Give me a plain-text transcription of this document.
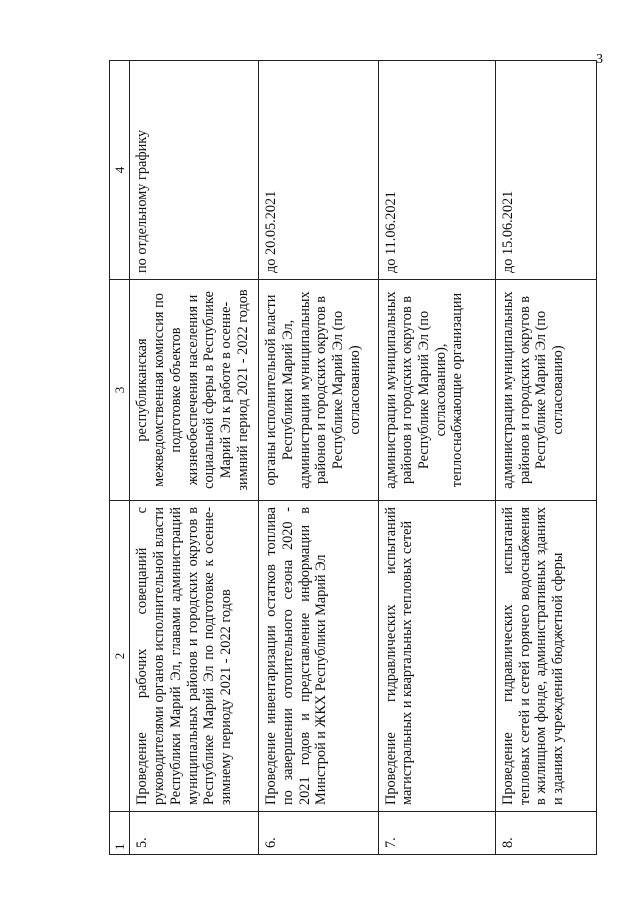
3
1	2	3	4
5.	Проведение рабочих совещаний с руководителями органов исполнительной власти Республики Марий Эл, главами администраций муниципальных районов и городских округов в Республике Марий Эл по подготовке к осенне-зимнему периоду 2021 - 2022 годов	республиканская межведомственная комиссия по подготовке объектов жизнеобеспечения населения и социальной сферы в Республике Марий Эл к работе в осенне-зимний период 2021 - 2022 годов	по отдельному графику
6.	Проведение инвентаризации остатков топлива по завершении отопительного сезона 2020 - 2021 годов и представление информации в Минстрой и ЖКХ Республики Марий Эл	органы исполнительной власти Республики Марий Эл, администрации муниципальных районов и городских округов в Республике Марий Эл (по согласованию)	до 20.05.2021
7.	Проведение гидравлических испытаний магистральных и квартальных тепловых сетей	администрации муниципальных районов и городских округов в Республике Марий Эл (по согласованию), теплоснабжающие организации	до 11.06.2021
8.	Проведение гидравлических испытаний тепловых сетей и сетей горячего водоснабжения в жилищном фонде, административных зданиях и зданиях учреждений бюджетной сферы	администрации муниципальных районов и городских округов в Республике Марий Эл (по согласованию)	до 15.06.2021
